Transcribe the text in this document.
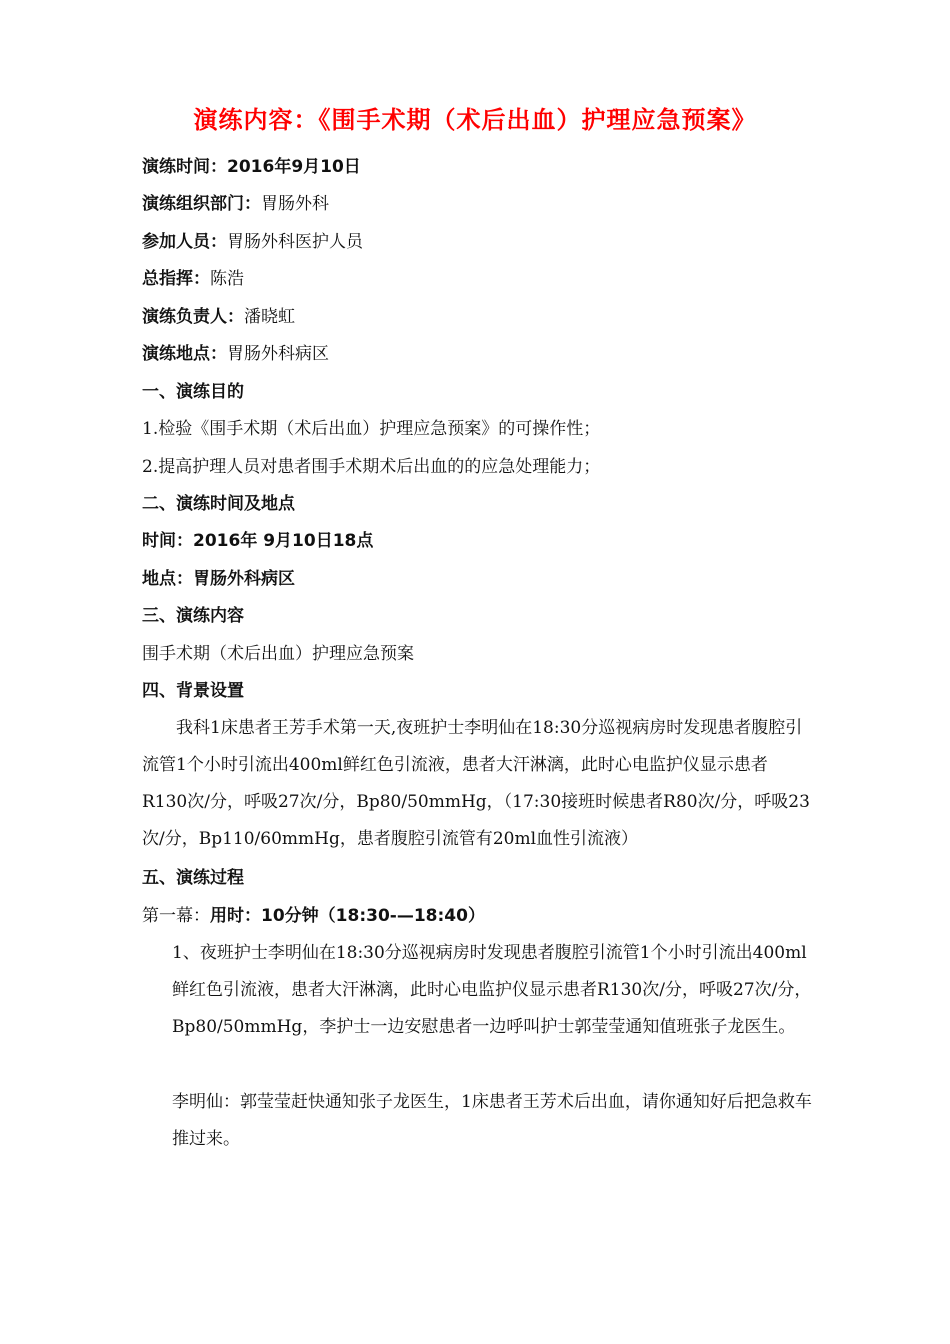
演练内容：《围手术期（术后出血）护理应急预案》
演练时间：2016年9月10日
演练组织部门：胃肠外科
参加人员：胃肠外科医护人员
总指挥：陈浩
演练负责人：潘晓虹
演练地点：胃肠外科病区
一、演练目的
1.检验《围手术期（术后出血）护理应急预案》的可操作性；
2.提高护理人员对患者围手术期术后出血的的应急处理能力；
二、演练时间及地点
时间：2016年 9月10日18点
地点：胃肠外科病区
三、演练内容
围手术期（术后出血）护理应急预案
四、背景设置
我科1床患者王芳手术第一天,夜班护士李明仙在18:30分巡视病房时发现患者腹腔引流管1个小时引流出400ml鲜红色引流液，患者大汗淋漓，此时心电监护仪显示患者R130次/分，呼吸27次/分，Bp80/50mmHg，（17:30接班时候患者R80次/分，呼吸23次/分，Bp110/60mmHg，患者腹腔引流管有20ml血性引流液）
五、演练过程
第一幕：用时：10分钟（18:30-—18:40）
1、夜班护士李明仙在18:30分巡视病房时发现患者腹腔引流管1个小时引流出400ml鲜红色引流液，患者大汗淋漓，此时心电监护仪显示患者R130次/分，呼吸27次/分，Bp80/50mmHg，李护士一边安慰患者一边呼叫护士郭莹莹通知值班张子龙医生。
李明仙：郭莹莹赶快通知张子龙医生，1床患者王芳术后出血，请你通知好后把急救车推过来。
